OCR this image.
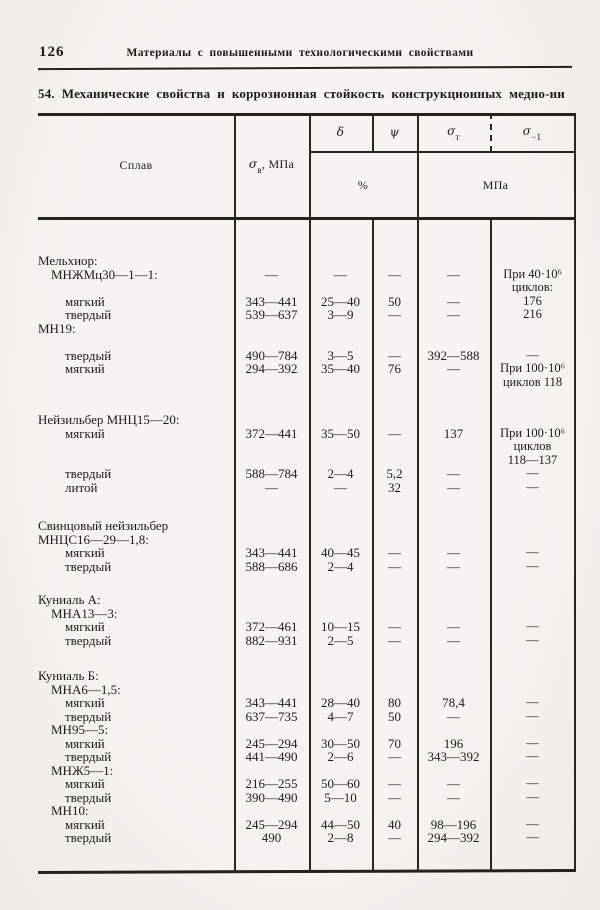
126	Материалы с повышенными технологическими свойствами
54. Механические свойства и коррозионная стойкость конструкционных медно-ни
Сплав	$\sigma_в$, МПа
δ	ψ	$\sigma_т$	$\sigma_{-1}$
%	МПа
Мельхиор:
МНЖМц30—1—1:	—	—	—	—	При 40·10⁶
циклов:
мягкий	343—441	25—40	50	—	176
твердый	539—637	3—9	—	—	216
МН19:
твердый	490—784	3—5	—	392—588	—
мягкий	294—392	35—40	76	—	При 100·10⁶
циклов 118
Нейзильбер МНЦ15—20:
мягкий	372—441	35—50	—	137	При 100·10⁶
циклов
118—137
твердый	588—784	2—4	5,2	—	—
литой	—	—	32	—	—
Свинцовый нейзильбер
МНЦС16—29—1,8:
мягкий	343—441	40—45	—	—	—
твердый	588—686	2—4	—	—	—
Куниаль А:
МНА13—3:
мягкий	372—461	10—15	—	—	—
твердый	882—931	2—5	—	—	—
Куниаль Б:
МНА6—1,5:
мягкий	343—441	28—40	80	78,4	—
твердый	637—735	4—7	50	—	—
МН95—5:
мягкий	245—294	30—50	70	196	—
твердый	441—490	2—6	—	343—392	—
МНЖ5—1:
мягкий	216—255	50—60	—	—	—
твердый	390—490	5—10	—	—	—
МН10:
мягкий	245—294	44—50	40	98—196	—
твердый	490	2—8	—	294—392	—
